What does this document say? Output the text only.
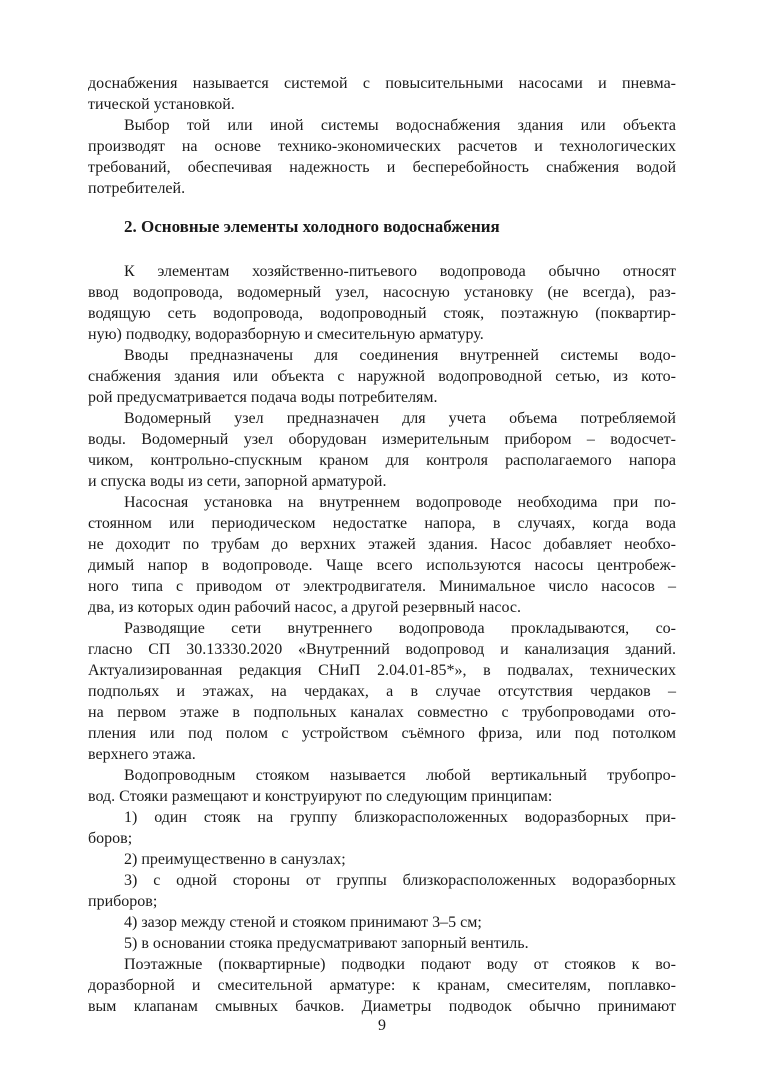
доснабжения называется системой с повысительными насосами и пневма-
тической установкой.
Выбор той или иной системы водоснабжения здания или объекта
производят на основе технико-экономических расчетов и технологических
требований, обеспечивая надежность и бесперебойность снабжения водой
потребителей.
2. Основные элементы холодного водоснабжения
К элементам хозяйственно-питьевого водопровода обычно относят
ввод водопровода, водомерный узел, насосную установку (не всегда), раз-
водящую сеть водопровода, водопроводный стояк, поэтажную (поквартир-
ную) подводку, водоразборную и смесительную арматуру.
Вводы предназначены для соединения внутренней системы водо-
снабжения здания или объекта с наружной водопроводной сетью, из кото-
рой предусматривается подача воды потребителям.
Водомерный узел предназначен для учета объема потребляемой
воды. Водомерный узел оборудован измерительным прибором – водосчет-
чиком, контрольно-спускным краном для контроля располагаемого напора
и спуска воды из сети, запорной арматурой.
Насосная установка на внутреннем водопроводе необходима при по-
стоянном или периодическом недостатке напора, в случаях, когда вода
не доходит по трубам до верхних этажей здания. Насос добавляет необхо-
димый напор в водопроводе. Чаще всего используются насосы центробеж-
ного типа с приводом от электродвигателя. Минимальное число насосов –
два, из которых один рабочий насос, а другой резервный насос.
Разводящие сети внутреннего водопровода прокладываются, со-
гласно СП 30.13330.2020 «Внутренний водопровод и канализация зданий.
Актуализированная редакция СНиП 2.04.01-85*», в подвалах, технических
подпольях и этажах, на чердаках, а в случае отсутствия чердаков –
на первом этаже в подпольных каналах совместно с трубопроводами ото-
пления или под полом с устройством съёмного фриза, или под потолком
верхнего этажа.
Водопроводным стояком называется любой вертикальный трубопро-
вод. Стояки размещают и конструируют по следующим принципам:
1) один стояк на группу близкорасположенных водоразборных при-
боров;
2) преимущественно в санузлах;
3) с одной стороны от группы близкорасположенных водоразборных
приборов;
4) зазор между стеной и стояком принимают 3–5 см;
5) в основании стояка предусматривают запорный вентиль.
Поэтажные (поквартирные) подводки подают воду от стояков к во-
доразборной и смесительной арматуре: к кранам, смесителям, поплавко-
вым клапанам смывных бачков. Диаметры подводок обычно принимают
9
